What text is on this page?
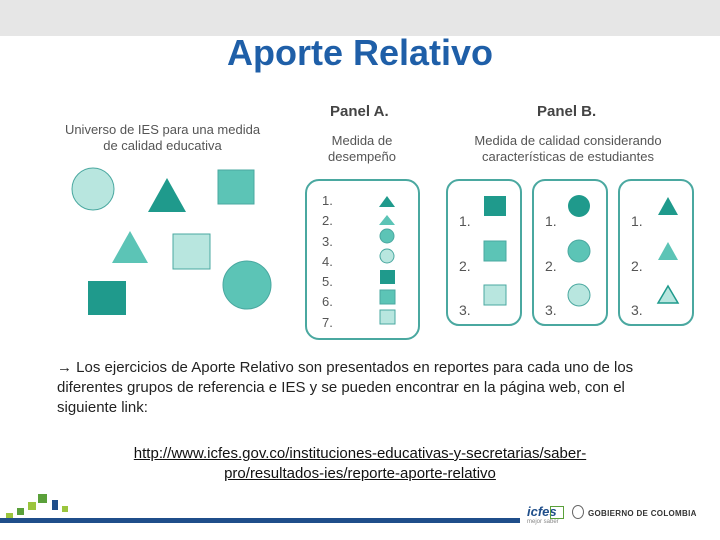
Aporte Relativo
Universo de IES para una medida de calidad educativa
Panel A.
Medida de
desempeño
Panel B.
Medida de calidad considerando
características de estudiantes
1.
2.
3.
4.
5.
6.
7.
1.
2.
3.
1.
2.
3.
1.
2.
3.
→ Los ejercicios de Aporte Relativo son presentados en reportes para cada uno de los diferentes grupos de referencia e IES y se pueden encontrar en la página web, con el siguiente link:
http://www.icfes.gov.co/instituciones-educativas-y-secretarias/saber-
pro/resultados-ies/reporte-aporte-relativo
icfes
mejor saber
GOBIERNO DE COLOMBIA
